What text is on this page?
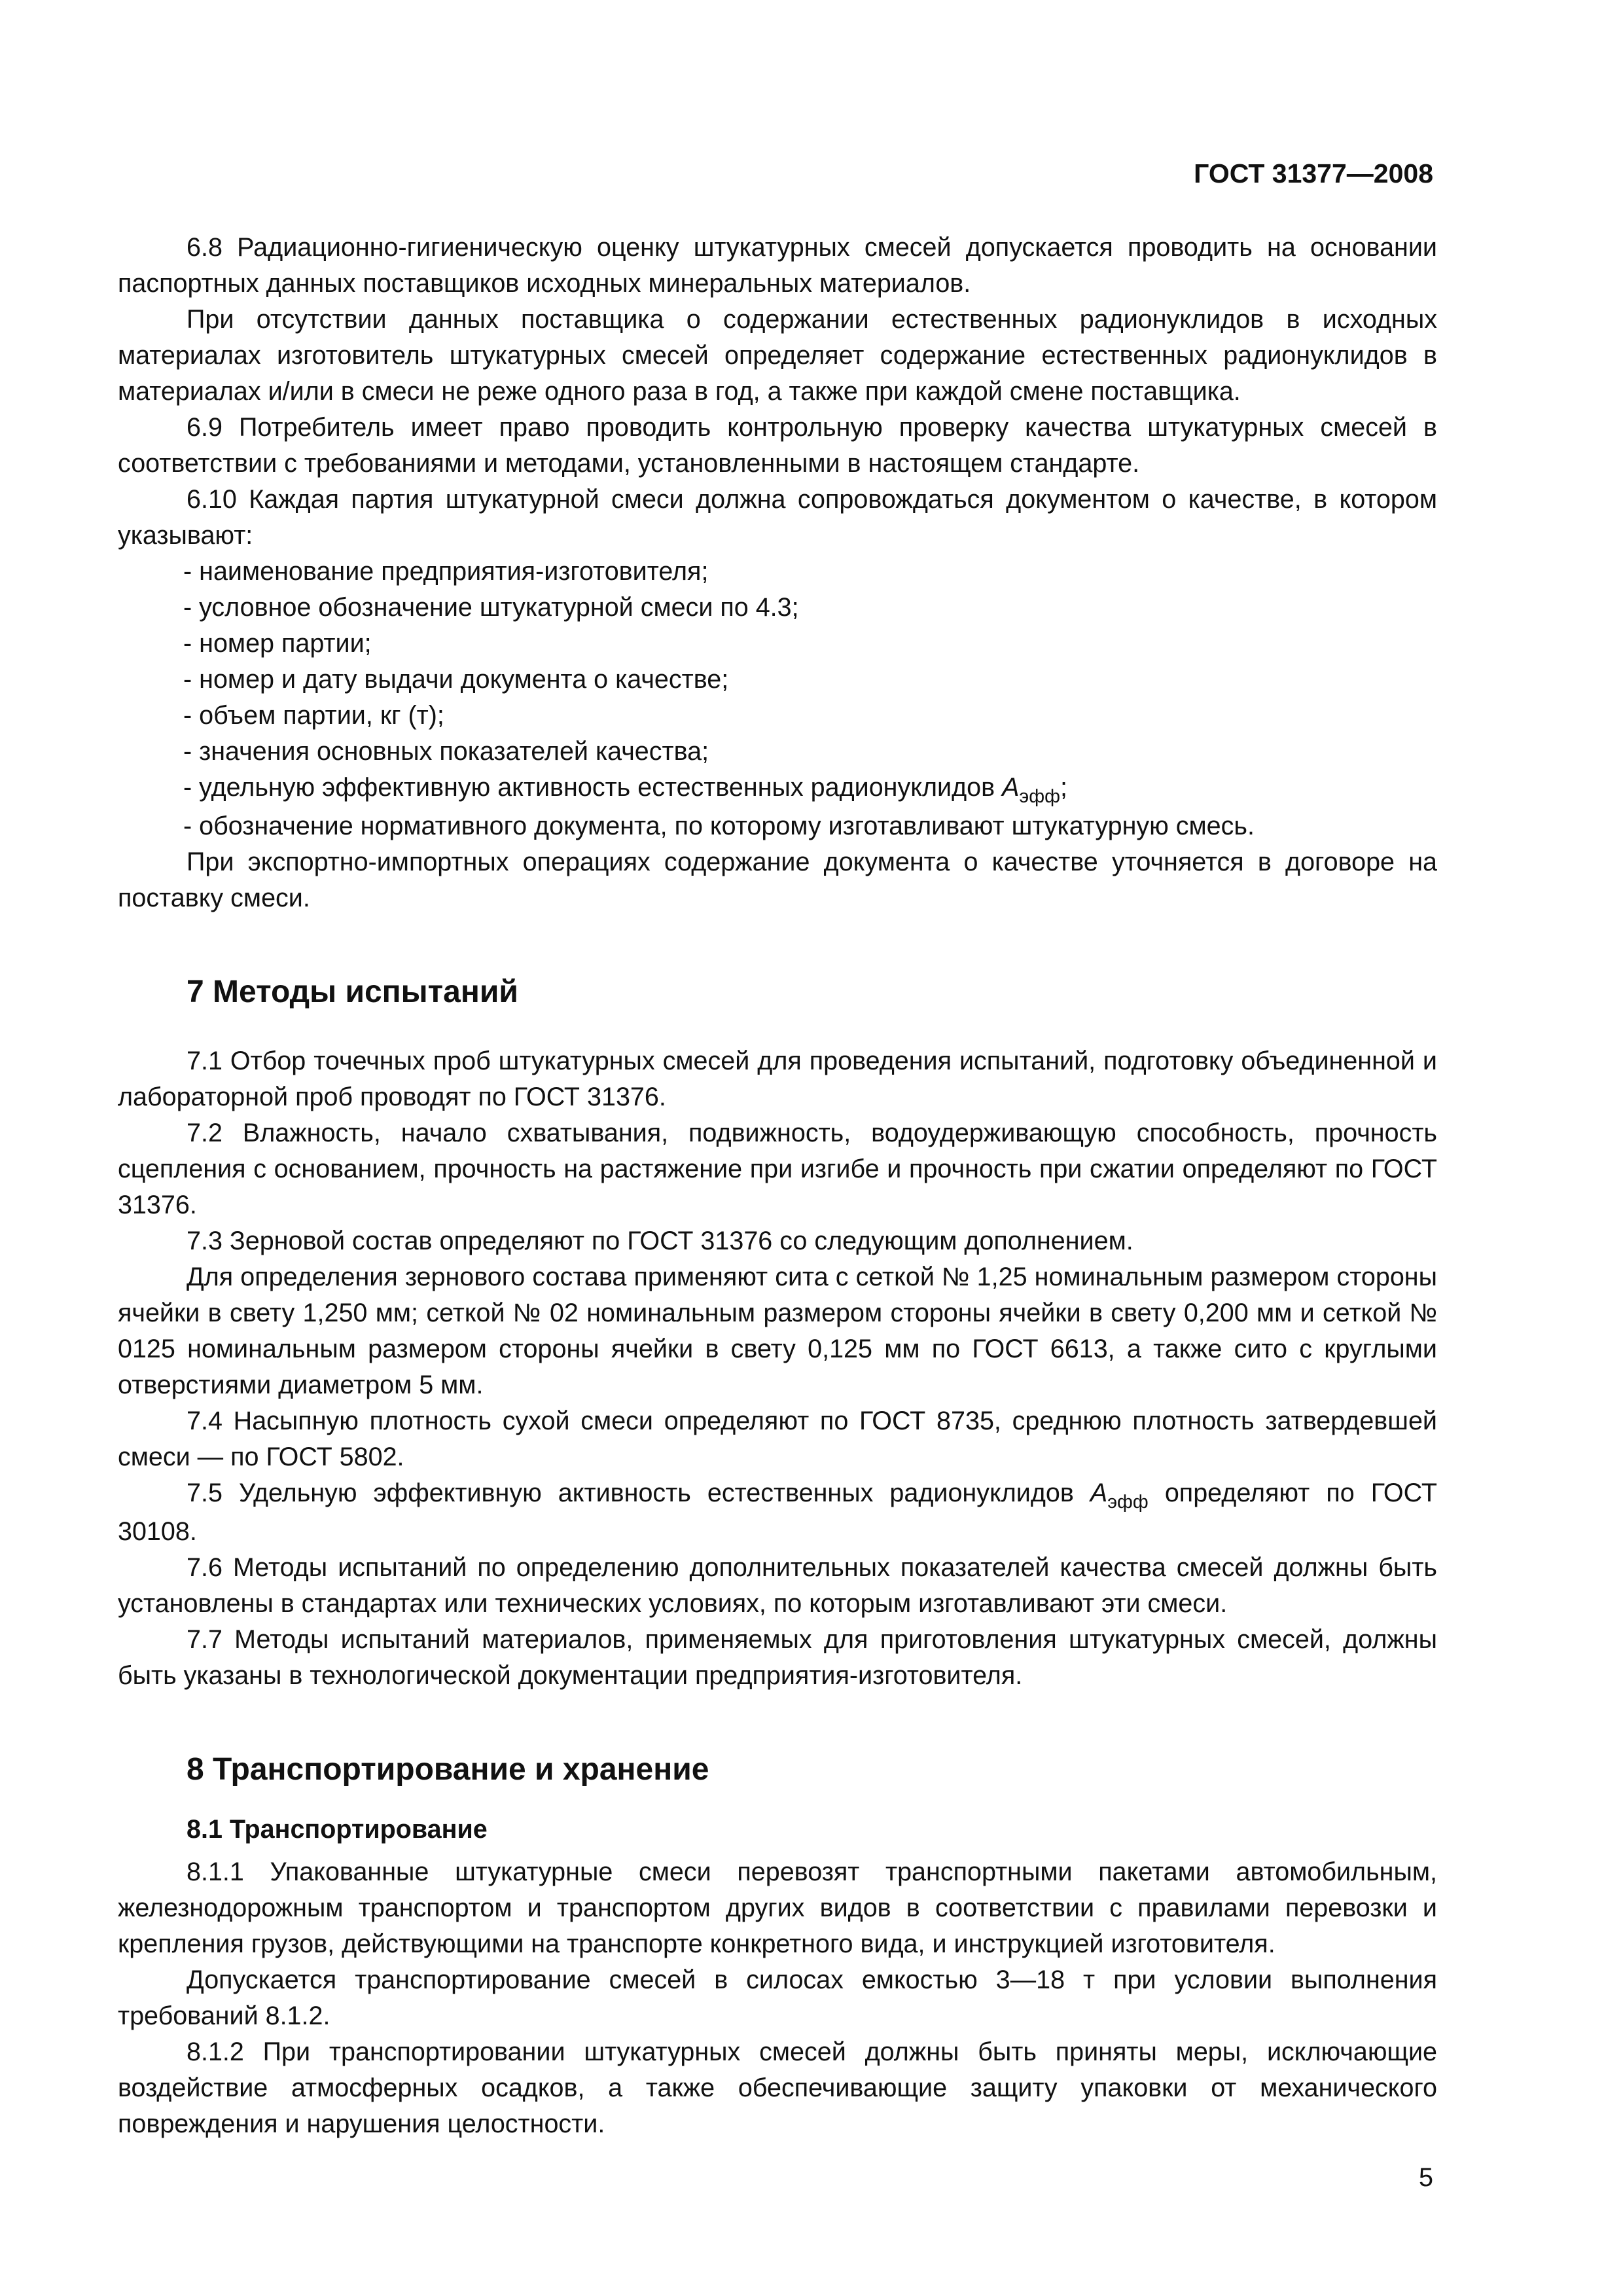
ГОСТ 31377—2008

6.8 Радиационно-гигиеническую оценку штукатурных смесей допускается проводить на основании паспортных данных поставщиков исходных минеральных материалов.

При отсутствии данных поставщика о содержании естественных радионуклидов в исходных материалах изготовитель штукатурных смесей определяет содержание естественных радионуклидов в материалах и/или в смеси не реже одного раза в год, а также при каждой смене поставщика.

6.9 Потребитель имеет право проводить контрольную проверку качества штукатурных смесей в соответствии с требованиями и методами, установленными в настоящем стандарте.

6.10 Каждая партия штукатурной смеси должна сопровождаться документом о качестве, в котором указывают:

- наименование предприятия-изготовителя;

- условное обозначение штукатурной смеси по 4.3;

- номер партии;

- номер и дату выдачи документа о качестве;

- объем партии, кг (т);

- значения основных показателей качества;

- удельную эффективную активность естественных радионуклидов $A_{эфф}$;

- обозначение нормативного документа, по которому изготавливают штукатурную смесь.

При экспортно-импортных операциях содержание документа о качестве уточняется в договоре на поставку смеси.

7 Методы испытаний

7.1 Отбор точечных проб штукатурных смесей для проведения испытаний, подготовку объединенной и лабораторной проб проводят по ГОСТ 31376.

7.2 Влажность, начало схватывания, подвижность, водоудерживающую способность, прочность сцепления с основанием, прочность на растяжение при изгибе и прочность при сжатии определяют по ГОСТ 31376.

7.3 Зерновой состав определяют по ГОСТ 31376 со следующим дополнением.

Для определения зернового состава применяют сита с сеткой № 1,25 номинальным размером стороны ячейки в свету 1,250 мм; сеткой № 02 номинальным размером стороны ячейки в свету 0,200 мм и сеткой № 0125 номинальным размером стороны ячейки в свету 0,125 мм по ГОСТ 6613, а также сито с круглыми отверстиями диаметром 5 мм.

7.4 Насыпную плотность сухой смеси определяют по ГОСТ 8735, среднюю плотность затвердевшей смеси — по ГОСТ 5802.

7.5 Удельную эффективную активность естественных радионуклидов $A_{эфф}$ определяют по ГОСТ 30108.

7.6 Методы испытаний по определению дополнительных показателей качества смесей должны быть установлены в стандартах или технических условиях, по которым изготавливают эти смеси.

7.7 Методы испытаний материалов, применяемых для приготовления штукатурных смесей, должны быть указаны в технологической документации предприятия-изготовителя.

8 Транспортирование и хранение
8.1 Транспортирование

8.1.1 Упакованные штукатурные смеси перевозят транспортными пакетами автомобильным, железнодорожным транспортом и транспортом других видов в соответствии с правилами перевозки и крепления грузов, действующими на транспорте конкретного вида, и инструкцией изготовителя.

Допускается транспортирование смесей в силосах емкостью 3—18 т при условии выполнения требований 8.1.2.

8.1.2 При транспортировании штукатурных смесей должны быть приняты меры, исключающие воздействие атмосферных осадков, а также обеспечивающие защиту упаковки от механического повреждения и нарушения целостности.

5
